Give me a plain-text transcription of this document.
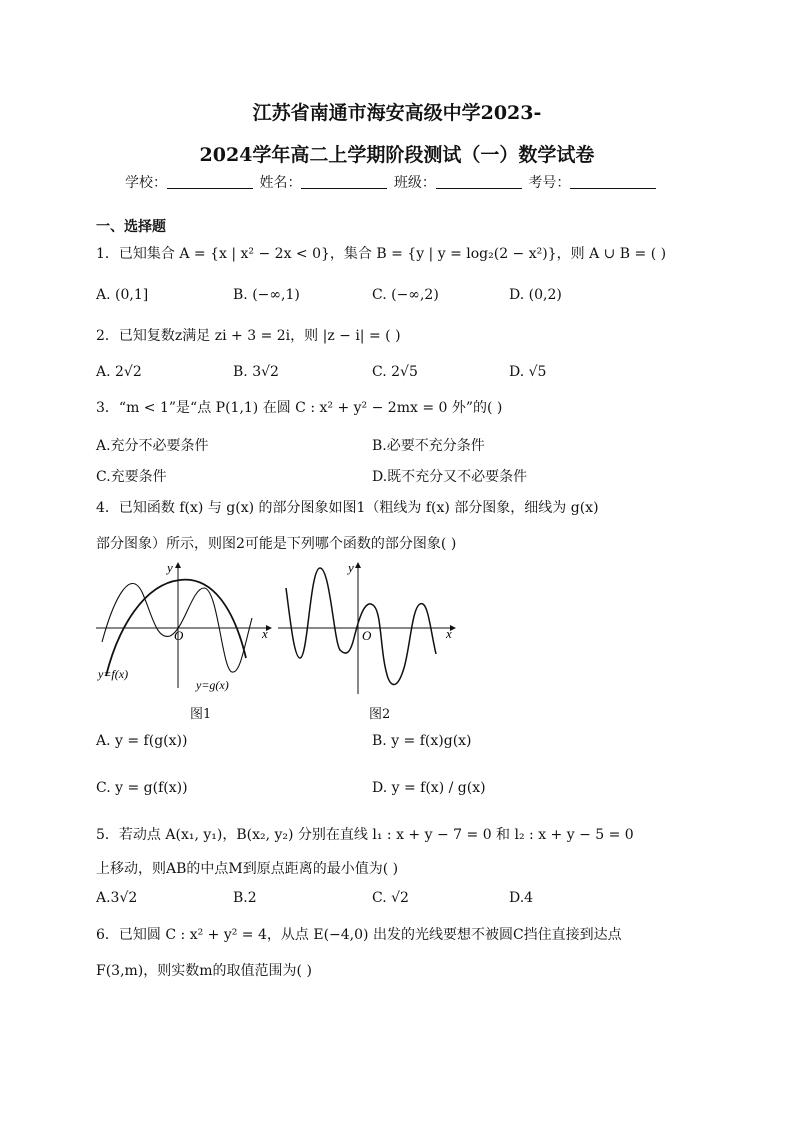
江苏省南通市海安高级中学2023-
2024学年高二上学期阶段测试（一）数学试卷
学校：	姓名：	班级：	考号：
一、选择题
1．已知集合 A = {x | x² − 2x < 0}，集合 B = {y | y = log₂(2 − x²)}，则 A ∪ B = ( )
A. (0,1]	B. (−∞,1)	C. (−∞,2)	D. (0,2)
2．已知复数z满足 zi + 3 = 2i，则 |z − i| = ( )
A. 2√2	B. 3√2	C. 2√5	D. √5
3．“m < 1”是“点 P(1,1) 在圆 C : x² + y² − 2mx = 0 外”的( )
A.充分不必要条件	B.必要不充分条件
C.充要条件	D.既不充分又不必要条件
4．已知函数 f(x) 与 g(x) 的部分图象如图1（粗线为 f(x) 部分图象，细线为 g(x)
部分图象）所示，则图2可能是下列哪个函数的部分图象( )
O	x
y
y=f(x)
y=g(x)
图1
O	x
y
图2
A. y = f(g(x))	B. y = f(x)g(x)
C. y = g(f(x))	D. y = f(x) / g(x)
5．若动点 A(x₁, y₁)，B(x₂, y₂) 分别在直线 l₁ : x + y − 7 = 0 和 l₂ : x + y − 5 = 0
上移动，则AB的中点M到原点距离的最小值为( )
A.3√2	B.2	C. √2	D.4
6．已知圆 C : x² + y² = 4，从点 E(−4,0) 出发的光线要想不被圆C挡住直接到达点
F(3,m)，则实数m的取值范围为( )
